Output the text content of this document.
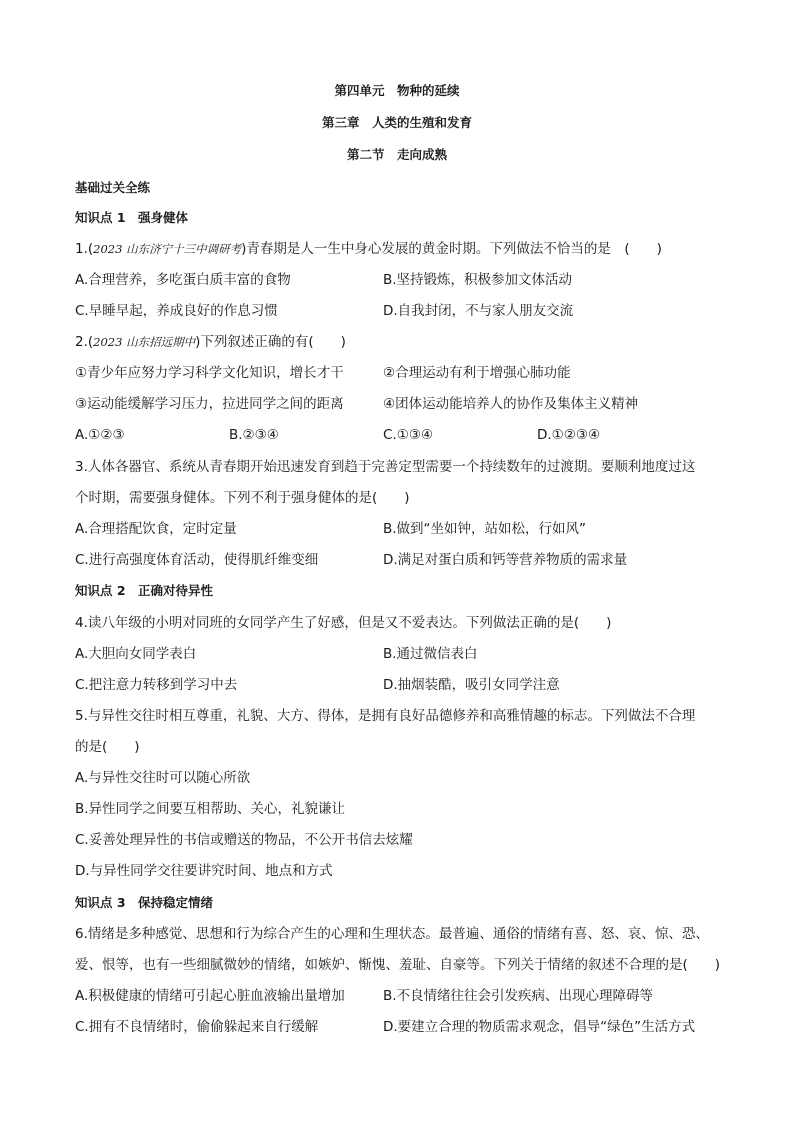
第四单元　物种的延续
第三章　人类的生殖和发育
第二节　走向成熟
基础过关全练
知识点 1　强身健体
1.(2023 山东济宁十三中调研考)青春期是人一生中身心发展的黄金时期。下列做法不恰当的是　(　　)
A.合理营养，多吃蛋白质丰富的食物	B.坚持锻炼，积极参加文体活动
C.早睡早起，养成良好的作息习惯	D.自我封闭，不与家人朋友交流
2.(2023 山东招远期中)下列叙述正确的有(　　)
①青少年应努力学习科学文化知识，增长才干	②合理运动有利于增强心肺功能
③运动能缓解学习压力，拉进同学之间的距离	④团体运动能培养人的协作及集体主义精神
A.①②③	B.②③④	C.①③④	D.①②③④
3.人体各器官、系统从青春期开始迅速发育到趋于完善定型需要一个持续数年的过渡期。要顺利地度过这
个时期，需要强身健体。下列不利于强身健体的是(　　)
A.合理搭配饮食，定时定量	B.做到“坐如钟，站如松，行如风”
C.进行高强度体育活动，使得肌纤维变细	D.满足对蛋白质和钙等营养物质的需求量
知识点 2　正确对待异性
4.读八年级的小明对同班的女同学产生了好感，但是又不爱表达。下列做法正确的是(　　)
A.大胆向女同学表白	B.通过微信表白
C.把注意力转移到学习中去	D.抽烟装酷，吸引女同学注意
5.与异性交往时相互尊重，礼貌、大方、得体，是拥有良好品德修养和高雅情趣的标志。下列做法不合理
的是(　　)
A.与异性交往时可以随心所欲
B.异性同学之间要互相帮助、关心，礼貌谦让
C.妥善处理异性的书信或赠送的物品，不公开书信去炫耀
D.与异性同学交往要讲究时间、地点和方式
知识点 3　保持稳定情绪
6.情绪是多种感觉、思想和行为综合产生的心理和生理状态。最普遍、通俗的情绪有喜、怒、哀、惊、恐、
爱、恨等，也有一些细腻微妙的情绪，如嫉妒、惭愧、羞耻、自豪等。下列关于情绪的叙述不合理的是(　　)
A.积极健康的情绪可引起心脏血液输出量增加	B.不良情绪往往会引发疾病、出现心理障碍等
C.拥有不良情绪时，偷偷躲起来自行缓解	D.要建立合理的物质需求观念，倡导“绿色”生活方式
